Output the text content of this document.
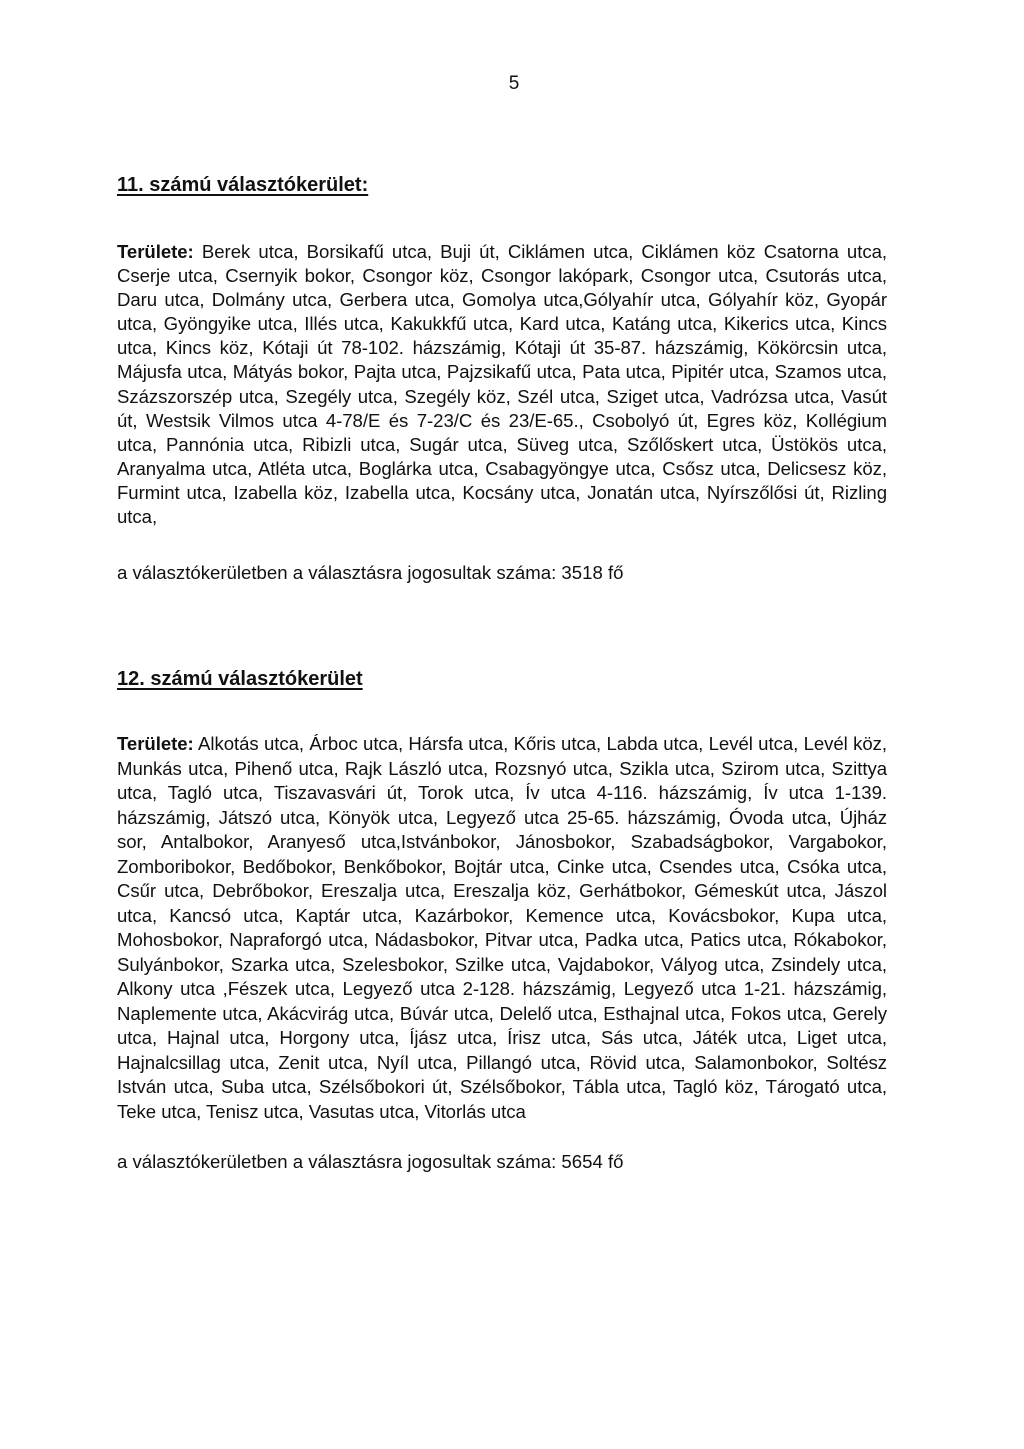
5
11. számú választókerület:

Területe: Berek utca, Borsikafű utca, Buji út, Ciklámen utca, Ciklámen köz Csatorna utca, Cserje utca, Csernyik bokor, Csongor köz, Csongor lakópark, Csongor utca, Csutorás utca, Daru utca, Dolmány utca, Gerbera utca, Gomolya utca,Gólyahír utca, Gólyahír köz, Gyopár utca, Gyöngyike utca, Illés utca, Kakukkfű utca, Kard utca, Katáng utca, Kikerics utca, Kincs utca, Kincs köz, Kótaji út 78-102. házszámig, Kótaji út 35-87. házszámig, Kökörcsin utca, Májusfa utca, Mátyás bokor, Pajta utca, Pajzsikafű utca, Pata utca, Pipitér utca, Szamos utca, Százszorszép utca, Szegély utca, Szegély köz, Szél utca, Sziget utca, Vadrózsa utca, Vasút út, Westsik Vilmos utca 4-78/E és 7-23/C és 23/E-65., Csobolyó út, Egres köz, Kollégium utca, Pannónia utca, Ribizli utca, Sugár utca, Süveg utca, Szőlőskert utca, Üstökös utca, Aranyalma utca, Atléta utca, Boglárka utca, Csabagyöngye utca, Csősz utca, Delicsesz köz, Furmint utca, Izabella köz, Izabella utca, Kocsány utca, Jonatán utca, Nyírszőlősi út, Rizling utca,

a választókerületben a választásra jogosultak száma: 3518 fő

12. számú választókerület

Területe: Alkotás utca, Árboc utca, Hársfa utca, Kőris utca, Labda utca, Levél utca, Levél köz, Munkás utca, Pihenő utca, Rajk László utca, Rozsnyó utca, Szikla utca, Szirom utca, Szittya utca, Tagló utca, Tiszavasvári út, Torok utca, Ív utca 4-116. házszámig, Ív utca 1-139. házszámig, Játszó utca, Könyök utca, Legyező utca 25-65. házszámig, Óvoda utca, Újház sor, Antalbokor, Aranyeső utca,Istvánbokor, Jánosbokor, Szabadságbokor, Vargabokor, Zomboribokor, Bedőbokor, Benkőbokor, Bojtár utca, Cinke utca, Csendes utca, Csóka utca, Csűr utca, Debrőbokor, Ereszalja utca, Ereszalja köz, Gerhátbokor, Gémeskút utca, Jászol utca, Kancsó utca, Kaptár utca, Kazárbokor, Kemence utca, Kovácsbokor, Kupa utca, Mohosbokor, Napraforgó utca, Nádasbokor, Pitvar utca, Padka utca, Patics utca, Rókabokor, Sulyánbokor, Szarka utca, Szelesbokor, Szilke utca, Vajdabokor, Vályog utca, Zsindely utca, Alkony utca ,Fészek utca, Legyező utca 2-128. házszámig, Legyező utca 1-21. házszámig, Naplemente utca, Akácvirág utca, Búvár utca, Delelő utca, Esthajnal utca, Fokos utca, Gerely utca, Hajnal utca, Horgony utca, Íjász utca, Írisz utca, Sás utca, Játék utca, Liget utca, Hajnalcsillag utca, Zenit utca, Nyíl utca, Pillangó utca, Rövid utca, Salamonbokor, Soltész István utca, Suba utca, Szélsőbokori út, Szélsőbokor, Tábla utca, Tagló köz, Tárogató utca, Teke utca, Tenisz utca, Vasutas utca, Vitorlás utca

a választókerületben a választásra jogosultak száma: 5654 fő
